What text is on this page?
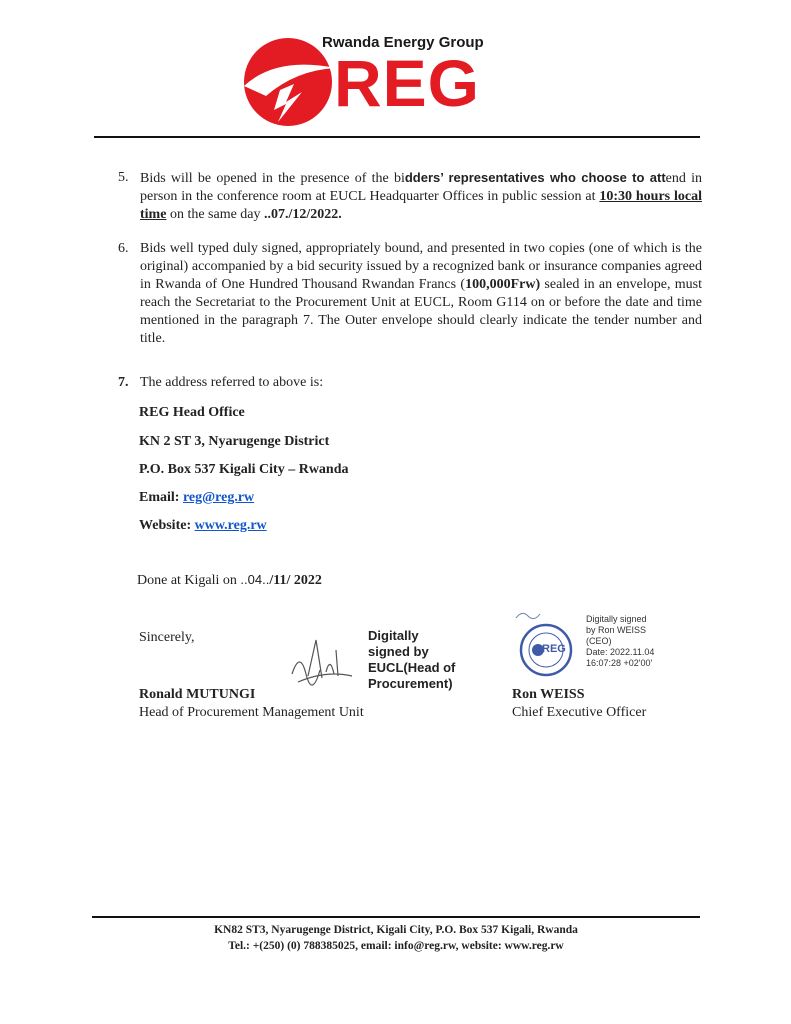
Rwanda Energy Group
REG
5. Bids will be opened in the presence of the bidders’ representatives who choose to attend in person in the conference room at EUCL Headquarter Offices in public session at 10:30 hours local time on the same day ..07./12/2022.
6. Bids well typed duly signed, appropriately bound, and presented in two copies (one of which is the original) accompanied by a bid security issued by a recognized bank or insurance companies agreed in Rwanda of One Hundred Thousand Rwandan Francs (100,000Frw) sealed in an envelope, must reach the Secretariat to the Procurement Unit at EUCL, Room G114 on or before the date and time mentioned in the paragraph 7. The Outer envelope should clearly indicate the tender number and title.
7. The address referred to above is:
REG Head Office
KN 2 ST 3, Nyarugenge District
P.O. Box 537 Kigali City – Rwanda
Email: reg@reg.rw
Website: www.reg.rw
Done at Kigali on ..04../11/ 2022
Sincerely,	Digitally
signed by
EUCL(Head of
Procurement)
Ronald MUTUNGI
Head of Procurement Management Unit
REG
Digitally signed
by Ron WEISS
(CEO)
Date: 2022.11.04
16:07:28 +02'00'
Ron WEISS
Chief Executive Officer
KN82 ST3, Nyarugenge District, Kigali City, P.O. Box 537 Kigali, Rwanda
Tel.: +(250) (0) 788385025, email: info@reg.rw, website: www.reg.rw
